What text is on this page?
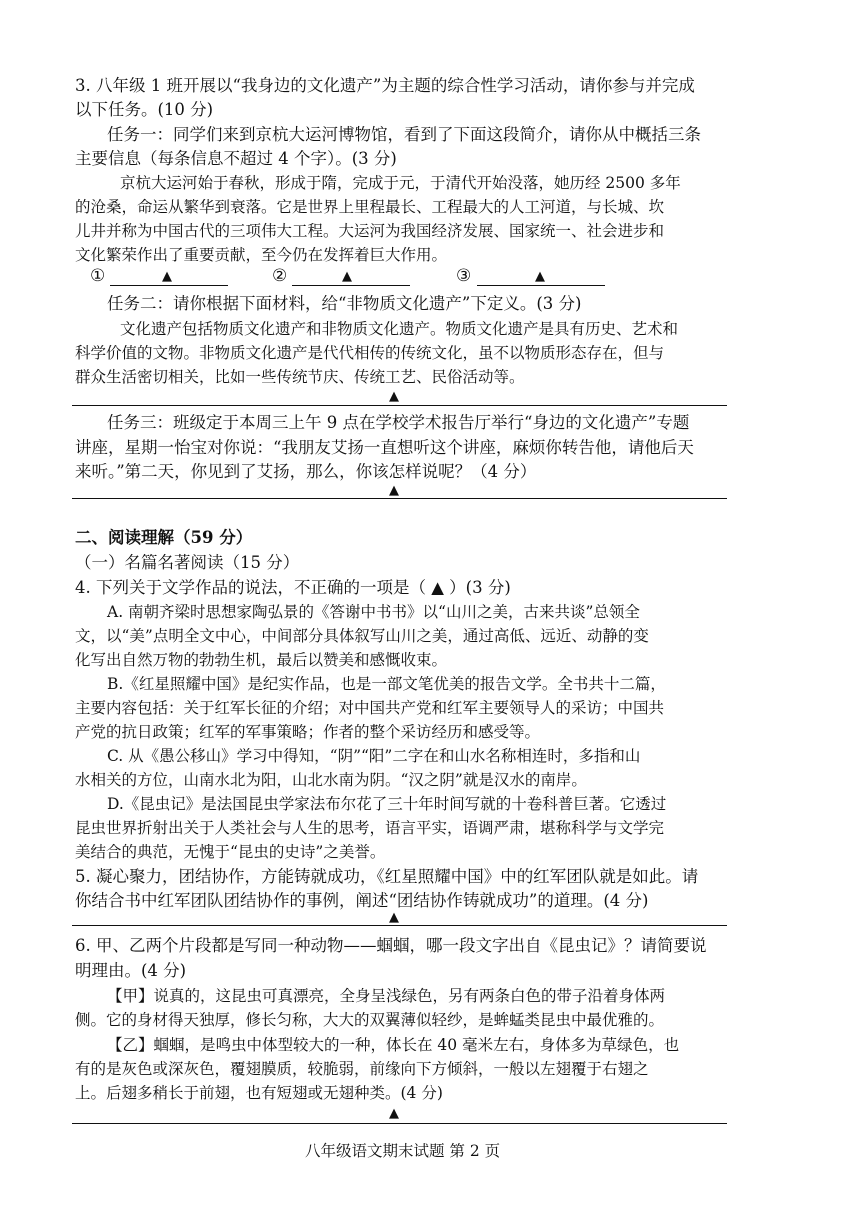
3. 八年级 1 班开展以“我身边的文化遗产”为主题的综合性学习活动，请你参与并完成
以下任务。(10 分)
任务一：同学们来到京杭大运河博物馆，看到了下面这段简介，请你从中概括三条
主要信息（每条信息不超过 4 个字）。(3 分)
京杭大运河始于春秋，形成于隋，完成于元，于清代开始没落，她历经 2500 多年
的沧桑，命运从繁华到衰落。它是世界上里程最长、工程最大的人工河道，与长城、坎
儿井并称为中国古代的三项伟大工程。大运河为我国经济发展、国家统一、社会进步和
文化繁荣作出了重要贡献，至今仍在发挥着巨大作用。
①	▲	②	▲	③	▲
任务二：请你根据下面材料，给“非物质文化遗产”下定义。(3 分)
文化遗产包括物质文化遗产和非物质文化遗产。物质文化遗产是具有历史、艺术和
科学价值的文物。非物质文化遗产是代代相传的传统文化，虽不以物质形态存在，但与
群众生活密切相关，比如一些传统节庆、传统工艺、民俗活动等。
▲
任务三：班级定于本周三上午 9 点在学校学术报告厅举行“身边的文化遗产”专题
讲座，星期一怡宝对你说：“我朋友艾扬一直想听这个讲座，麻烦你转告他，请他后天
来听。”第二天，你见到了艾扬，那么，你该怎样说呢？（4 分）
▲
二、阅读理解（59 分）
（一）名篇名著阅读（15 分）
4. 下列关于文学作品的说法，不正确的一项是（ ▲ ）(3 分)
A. 南朝齐梁时思想家陶弘景的《答谢中书书》以“山川之美，古来共谈”总领全
文，以“美”点明全文中心，中间部分具体叙写山川之美，通过高低、远近、动静的变
化写出自然万物的勃勃生机，最后以赞美和感慨收束。
B.《红星照耀中国》是纪实作品，也是一部文笔优美的报告文学。全书共十二篇，
主要内容包括：关于红军长征的介绍；对中国共产党和红军主要领导人的采访；中国共
产党的抗日政策；红军的军事策略；作者的整个采访经历和感受等。
C. 从《愚公移山》学习中得知，“阴”“阳”二字在和山水名称相连时，多指和山
水相关的方位，山南水北为阳，山北水南为阴。“汉之阴”就是汉水的南岸。
D.《昆虫记》是法国昆虫学家法布尔花了三十年时间写就的十卷科普巨著。它透过
昆虫世界折射出关于人类社会与人生的思考，语言平实，语调严肃，堪称科学与文学完
美结合的典范，无愧于“昆虫的史诗”之美誉。
5. 凝心聚力，团结协作，方能铸就成功，《红星照耀中国》中的红军团队就是如此。请
你结合书中红军团队团结协作的事例，阐述“团结协作铸就成功”的道理。(4 分)
▲
6. 甲、乙两个片段都是写同一种动物——蝈蝈，哪一段文字出自《昆虫记》？请简要说
明理由。(4 分)
【甲】说真的，这昆虫可真漂亮，全身呈浅绿色，另有两条白色的带子沿着身体两
侧。它的身材得天独厚，修长匀称，大大的双翼薄似轻纱，是蛑蜢类昆虫中最优雅的。
【乙】蝈蝈，是鸣虫中体型较大的一种，体长在 40 毫米左右，身体多为草绿色，也
有的是灰色或深灰色，覆翅膜质，较脆弱，前缘向下方倾斜，一般以左翅覆于右翅之
上。后翅多稍长于前翅，也有短翅或无翅种类。(4 分)
▲
八年级语文期末试题 第 2 页
